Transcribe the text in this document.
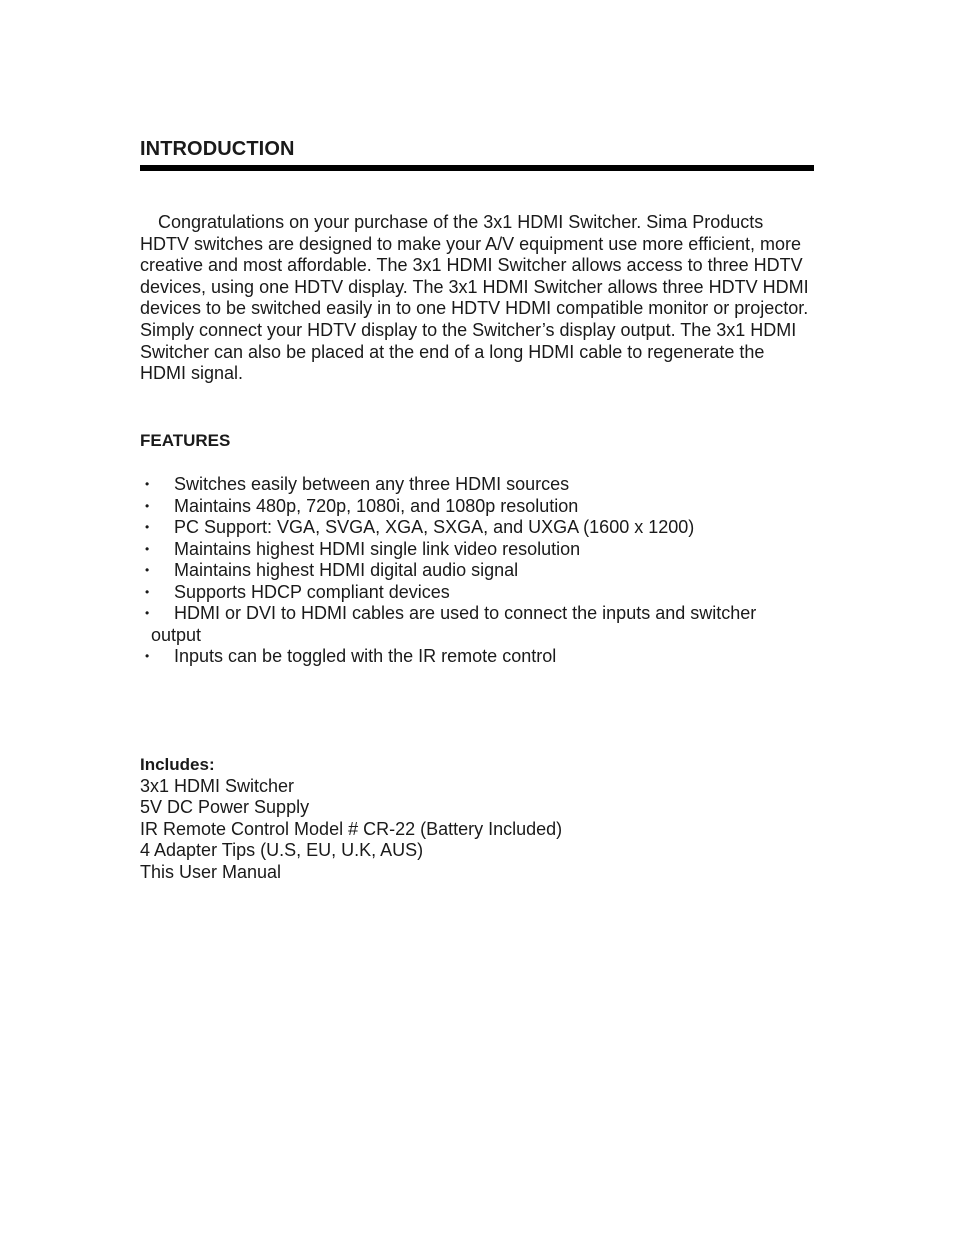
INTRODUCTION

Congratulations on your purchase of the 3x1 HDMI Switcher. Sima Products HDTV switches are designed to make your A/V equipment use more efficient, more creative and most affordable. The 3x1 HDMI Switcher allows access to three HDTV devices, using one HDTV display. The 3x1 HDMI Switcher allows three HDTV HDMI devices to be switched easily in to one HDTV HDMI compatible monitor or projector. Simply connect your HDTV display to the Switcher’s display output. The 3x1 HDMI Switcher can also be placed at the end of a long HDMI cable to regenerate the HDMI signal.

FEATURES
• Switches easily between any three HDMI sources
• Maintains 480p, 720p, 1080i, and 1080p resolution
• PC Support: VGA, SVGA, XGA, SXGA, and UXGA (1600 x 1200)
• Maintains highest HDMI single link video resolution
• Maintains highest HDMI digital audio signal
• Supports HDCP compliant devices
• HDMI or DVI to HDMI cables are used to connect the inputs and switcher
output
• Inputs can be toggled with the IR remote control

Includes:

3x1 HDMI Switcher
5V DC Power Supply
IR Remote Control Model # CR-22 (Battery Included)
4 Adapter Tips (U.S, EU, U.K, AUS)
This User Manual
